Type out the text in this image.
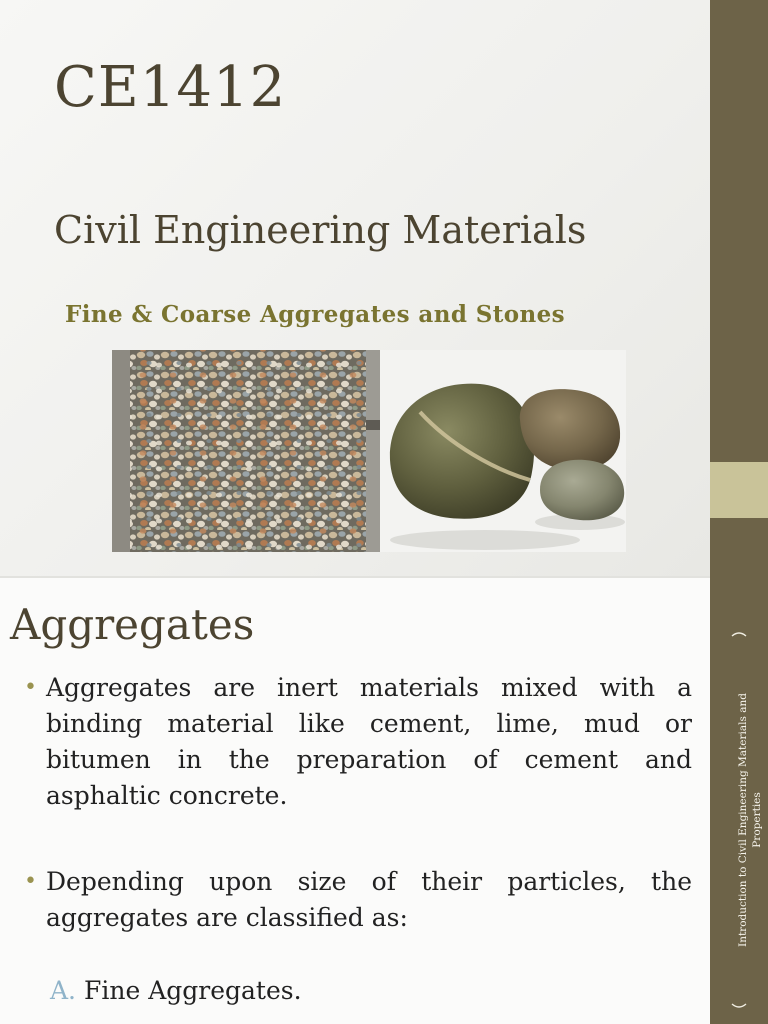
CE1412
Civil Engineering Materials
Fine & Coarse Aggregates and Stones
Aggregates
• Aggregates are inert materials mixed with a binding material like cement, lime, mud or bitumen in the preparation of cement and asphaltic concrete.
• Depending upon size of their particles, the aggregates are classified as:
A. Fine Aggregates.
Introduction to Civil Engineering Materials and Properties
